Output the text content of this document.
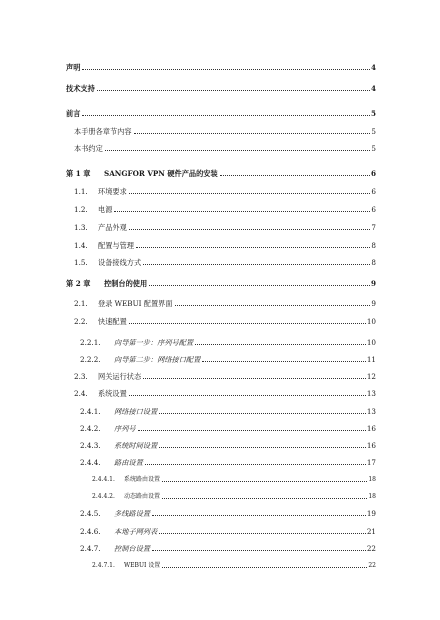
声明	4
技术支持	4
前言	5
本手册各章节内容	5
本书约定	5
第 1 章	SANGFOR VPN 硬件产品的安装	6
1.1.	环境要求	6
1.2.	电源	6
1.3.	产品外观	7
1.4.	配置与管理	8
1.5.	设备接线方式	8
第 2 章	控制台的使用	9
2.1.	登录 WEBUI 配置界面	9
2.2.	快速配置	10
2.2.1.	向导第一步：序列号配置	10
2.2.2.	向导第二步：网络接口配置	11
2.3.	网关运行状态	12
2.4.	系统设置	13
2.4.1.	网络接口设置	13
2.4.2.	序列号	16
2.4.3.	系统时间设置	16
2.4.4.	路由设置	17
2.4.4.1.	系统路由设置	18
2.4.4.2.	动态路由设置	18
2.4.5.	多线路设置	19
2.4.6.	本地子网列表	21
2.4.7.	控制台设置	22
2.4.7.1.	WEBUI 设置	22
